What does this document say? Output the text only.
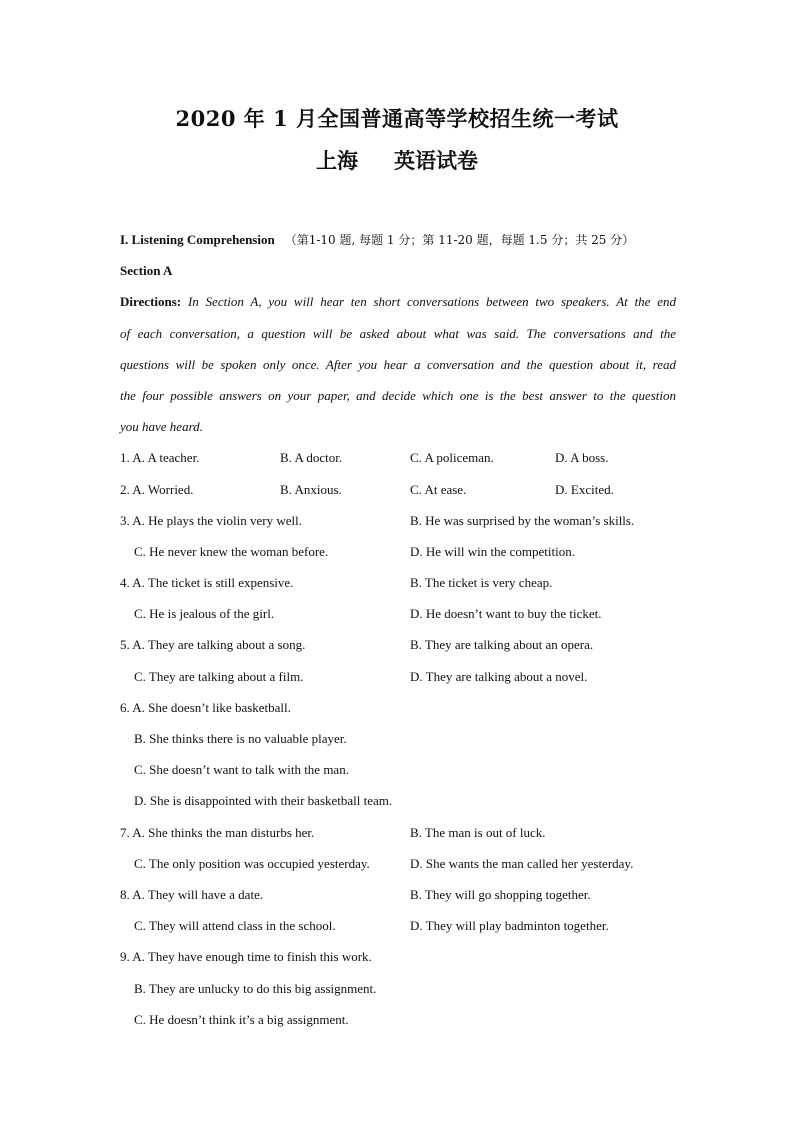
2020 年 1 月全国普通高等学校招生统一考试
上海 英语试卷
I. Listening Comprehension （第1-10 题, 每题 1 分；第 11-20 题，每题 1.5 分；共 25 分）
Section A
Directions: In Section A, you will hear ten short conversations between two speakers. At the end
of each conversation, a question will be asked about what was said. The conversations and the
questions will be spoken only once. After you hear a conversation and the question about it, read
the four possible answers on your paper, and decide which one is the best answer to the question
you have heard.
1. A. A teacher.	B. A doctor.	C. A policeman.	D. A boss.
2. A. Worried.	B. Anxious.	C. At ease.	D. Excited.
3. A. He plays the violin very well.	B. He was surprised by the woman’s skills.
C. He never knew the woman before.	D. He will win the competition.
4. A. The ticket is still expensive.	B. The ticket is very cheap.
C. He is jealous of the girl.	D. He doesn’t want to buy the ticket.
5. A. They are talking about a song.	B. They are talking about an opera.
C. They are talking about a film.	D. They are talking about a novel.
6. A. She doesn’t like basketball.
B. She thinks there is no valuable player.
C. She doesn’t want to talk with the man.
D. She is disappointed with their basketball team.
7. A. She thinks the man disturbs her.	B. The man is out of luck.
C. The only position was occupied yesterday.	D. She wants the man called her yesterday.
8. A. They will have a date.	B. They will go shopping together.
C. They will attend class in the school.	D. They will play badminton together.
9. A. They have enough time to finish this work.
B. They are unlucky to do this big assignment.
C. He doesn’t think it’s a big assignment.
